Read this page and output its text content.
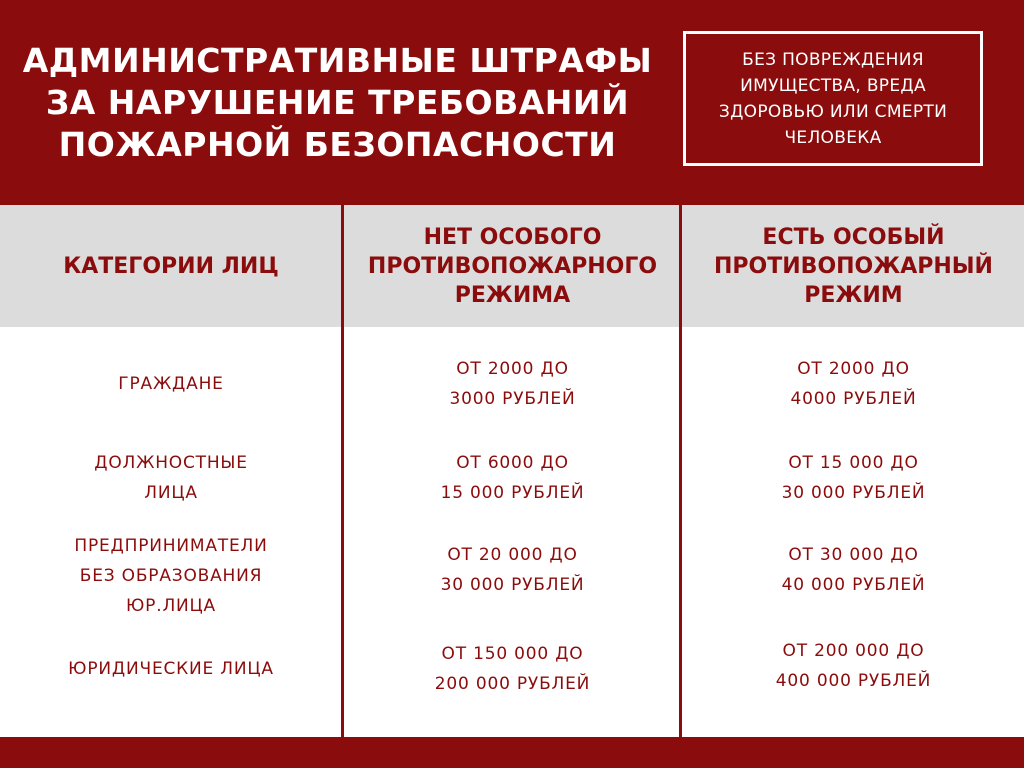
АДМИНИСТРАТИВНЫЕ ШТРАФЫ
ЗА НАРУШЕНИЕ ТРЕБОВАНИЙ
ПОЖАРНОЙ БЕЗОПАСНОСТИ
БЕЗ ПОВРЕЖДЕНИЯ
ИМУЩЕСТВА, ВРЕДА
ЗДОРОВЬЮ ИЛИ СМЕРТИ
ЧЕЛОВЕКА
КАТЕГОРИИ ЛИЦ
НЕТ ОСОБОГО
ПРОТИВОПОЖАРНОГО
РЕЖИМА
ЕСТЬ ОСОБЫЙ
ПРОТИВОПОЖАРНЫЙ
РЕЖИМ
ГРАЖДАНЕ
ОТ 2000 ДО
3000 РУБЛЕЙ
ОТ 2000 ДО
4000 РУБЛЕЙ
ДОЛЖНОСТНЫЕ
ЛИЦА
ОТ 6000 ДО
15 000 РУБЛЕЙ
ОТ 15 000 ДО
30 000 РУБЛЕЙ
ПРЕДПРИНИМАТЕЛИ
БЕЗ ОБРАЗОВАНИЯ
ЮР.ЛИЦА
ОТ 20 000 ДО
30 000 РУБЛЕЙ
ОТ 30 000 ДО
40 000 РУБЛЕЙ
ЮРИДИЧЕСКИЕ ЛИЦА
ОТ 150 000 ДО
200 000 РУБЛЕЙ
ОТ 200 000 ДО
400 000 РУБЛЕЙ
